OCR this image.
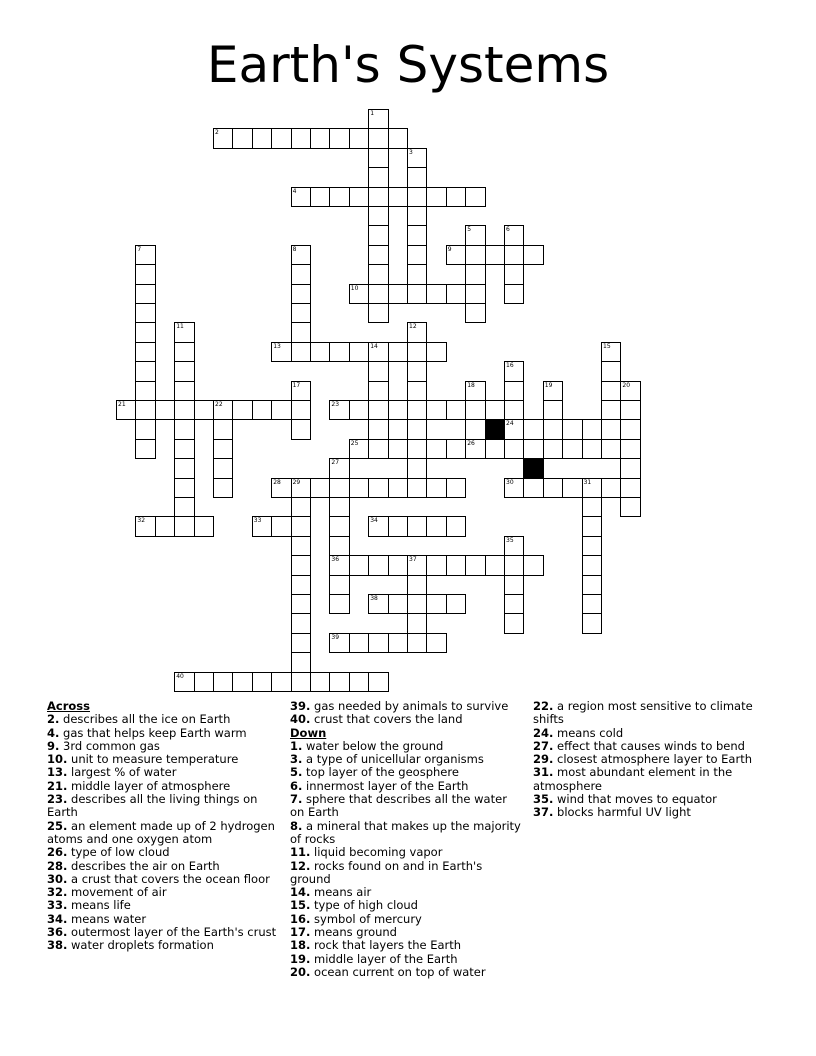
Earth's Systems
1
2
3
4
5	6
9
7	8
10
11	12
13	14	15
16
17	18	19	20
21	22	23
24
25	26
27
36
28 29	30	31
32	33	34
35
37
38
39
40
Across
2. describes all the ice on Earth
4. gas that helps keep Earth warm
9. 3rd common gas
10. unit to measure temperature
13. largest % of water
21. middle layer of atmosphere
23. describes all the living things on Earth
25. an element made up of 2 hydrogen atoms and one oxygen atom
26. type of low cloud
28. describes the air on Earth
30. a crust that covers the ocean floor
32. movement of air
33. means life
34. means water
36. outermost layer of the Earth's crust
38. water droplets formation
39. gas needed by animals to survive
40. crust that covers the land
Down
1. water below the ground
3. a type of unicellular organisms
5. top layer of the geosphere
6. innermost layer of the Earth
7. sphere that describes all the water on Earth
8. a mineral that makes up the majority of rocks
11. liquid becoming vapor
12. rocks found on and in Earth's ground
14. means air
15. type of high cloud
16. symbol of mercury
17. means ground
18. rock that layers the Earth
19. middle layer of the Earth
20. ocean current on top of water
22. a region most sensitive to climate shifts
24. means cold
27. effect that causes winds to bend
29. closest atmosphere layer to Earth
31. most abundant element in the atmosphere
35. wind that moves to equator
37. blocks harmful UV light
